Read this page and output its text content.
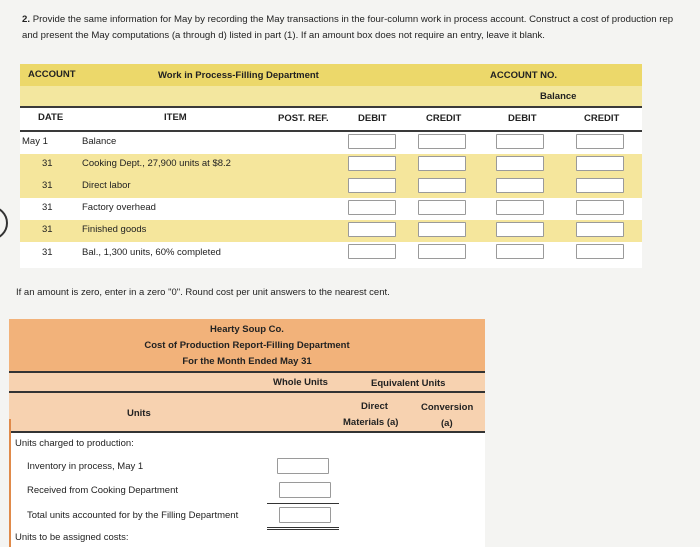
2. Provide the same information for May by recording the May transactions in the four-column work in process account. Construct a cost of production rep
and present the May computations (a through d) listed in part (1). If an amount box does not require an entry, leave it blank.
ACCOUNT	Work in Process-Filling Department	ACCOUNT NO.
Balance
DATE	ITEM	POST. REF.	DEBIT	CREDIT	DEBIT	CREDIT
May 1	Balance
31	Cooking Dept., 27,900 units at $8.2
31	Direct labor
31	Factory overhead
31	Finished goods
31	Bal., 1,300 units, 60% completed
If an amount is zero, enter in a zero "0". Round cost per unit answers to the nearest cent.
Hearty Soup Co.
Cost of Production Report-Filling Department
For the Month Ended May 31
Whole Units	Equivalent Units
Units
Direct
Materials (a)
Conversion
(a)
Units charged to production:
Inventory in process, May 1
Received from Cooking Department
Total units accounted for by the Filling Department
Units to be assigned costs:
